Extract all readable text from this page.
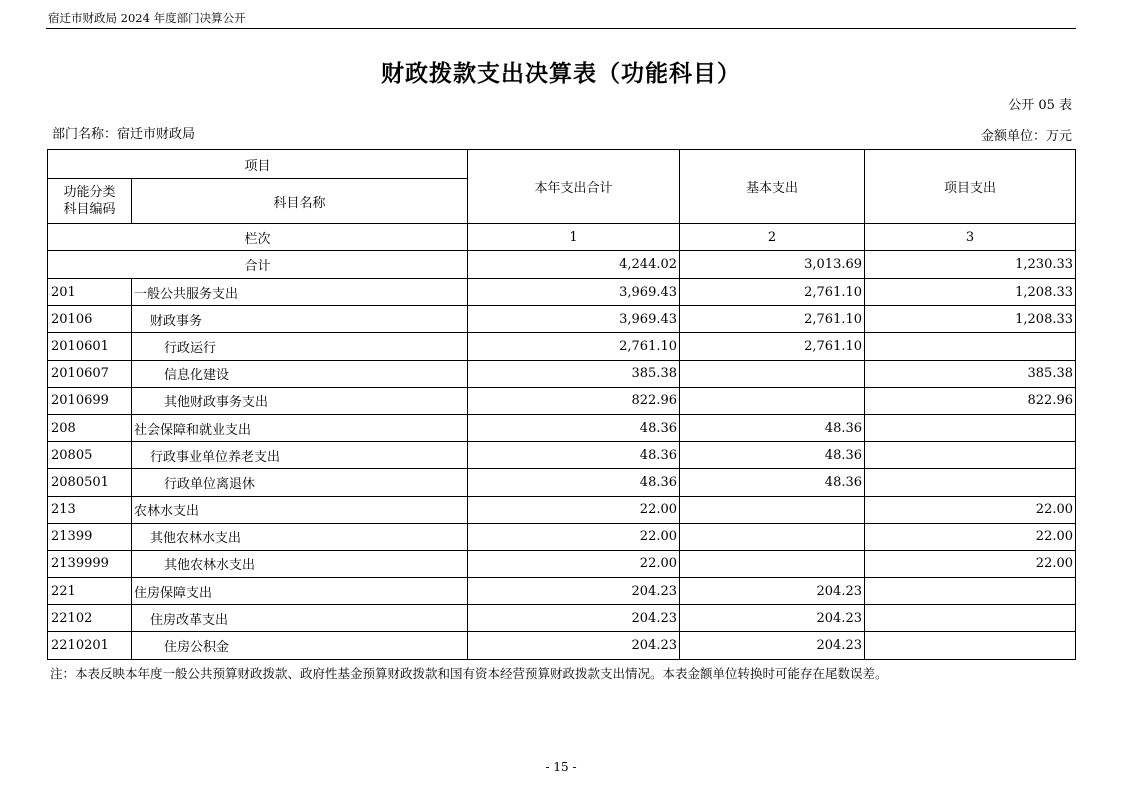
宿迁市财政局 2024 年度部门决算公开
财政拨款支出决算表（功能科目）
公开 05 表
部门名称：宿迁市财政局	金额单位：万元
项目		本年支出合计	基本支出	项目支出
功能分类
科目编码	科目名称			
栏次		1	2	3
合计		4,244.02	3,013.69	1,230.33
201	一般公共服务支出	3,969.43	2,761.10	1,208.33
20106	财政事务	3,969.43	2,761.10	1,208.33
2010601	行政运行	2,761.10	2,761.10	
2010607	信息化建设	385.38		385.38
2010699	其他财政事务支出	822.96		822.96
208	社会保障和就业支出	48.36	48.36	
20805	行政事业单位养老支出	48.36	48.36	
2080501	行政单位离退休	48.36	48.36	
213	农林水支出	22.00		22.00
21399	其他农林水支出	22.00		22.00
2139999	其他农林水支出	22.00		22.00
221	住房保障支出	204.23	204.23	
22102	住房改革支出	204.23	204.23	
2210201	住房公积金	204.23	204.23	
注：本表反映本年度一般公共预算财政拨款、政府性基金预算财政拨款和国有资本经营预算财政拨款支出情况。本表金额单位转换时可能存在尾数误差。
- 15 -
